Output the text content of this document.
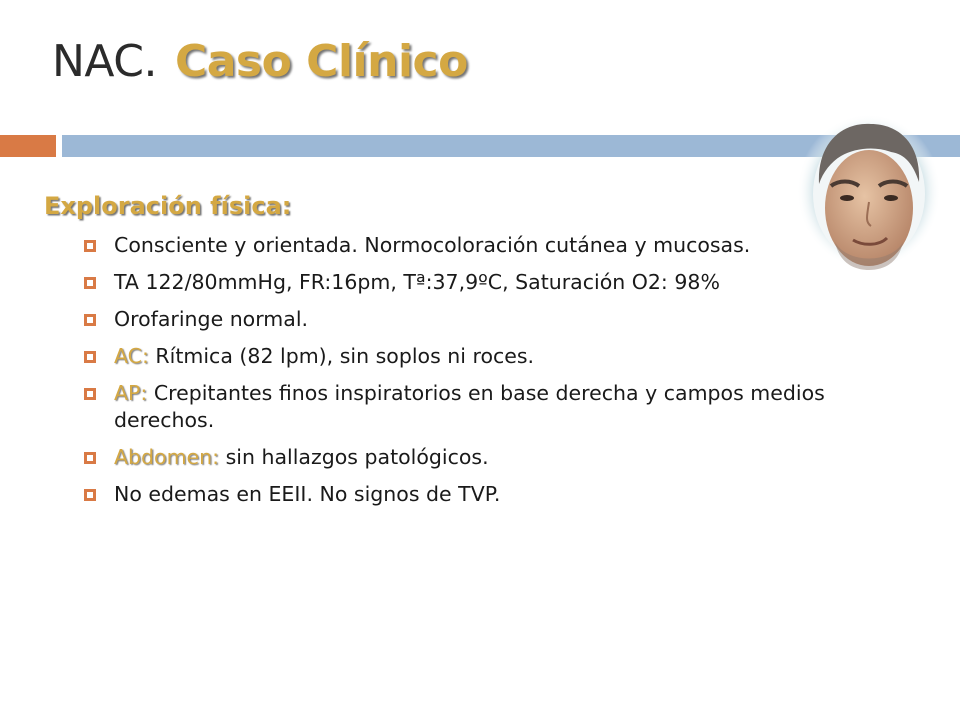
NAC. Caso Clínico
Exploración física:
Consciente y orientada. Normocoloración cutánea y mucosas.
TA 122/80mmHg, FR:16pm, Tª:37,9ºC, Saturación O2: 98%
Orofaringe normal.
AC: Rítmica (82 lpm), sin soplos ni roces.
AP: Crepitantes finos inspiratorios en base derecha y campos medios derechos.
Abdomen: sin hallazgos patológicos.
No edemas en EEII. No signos de TVP.
